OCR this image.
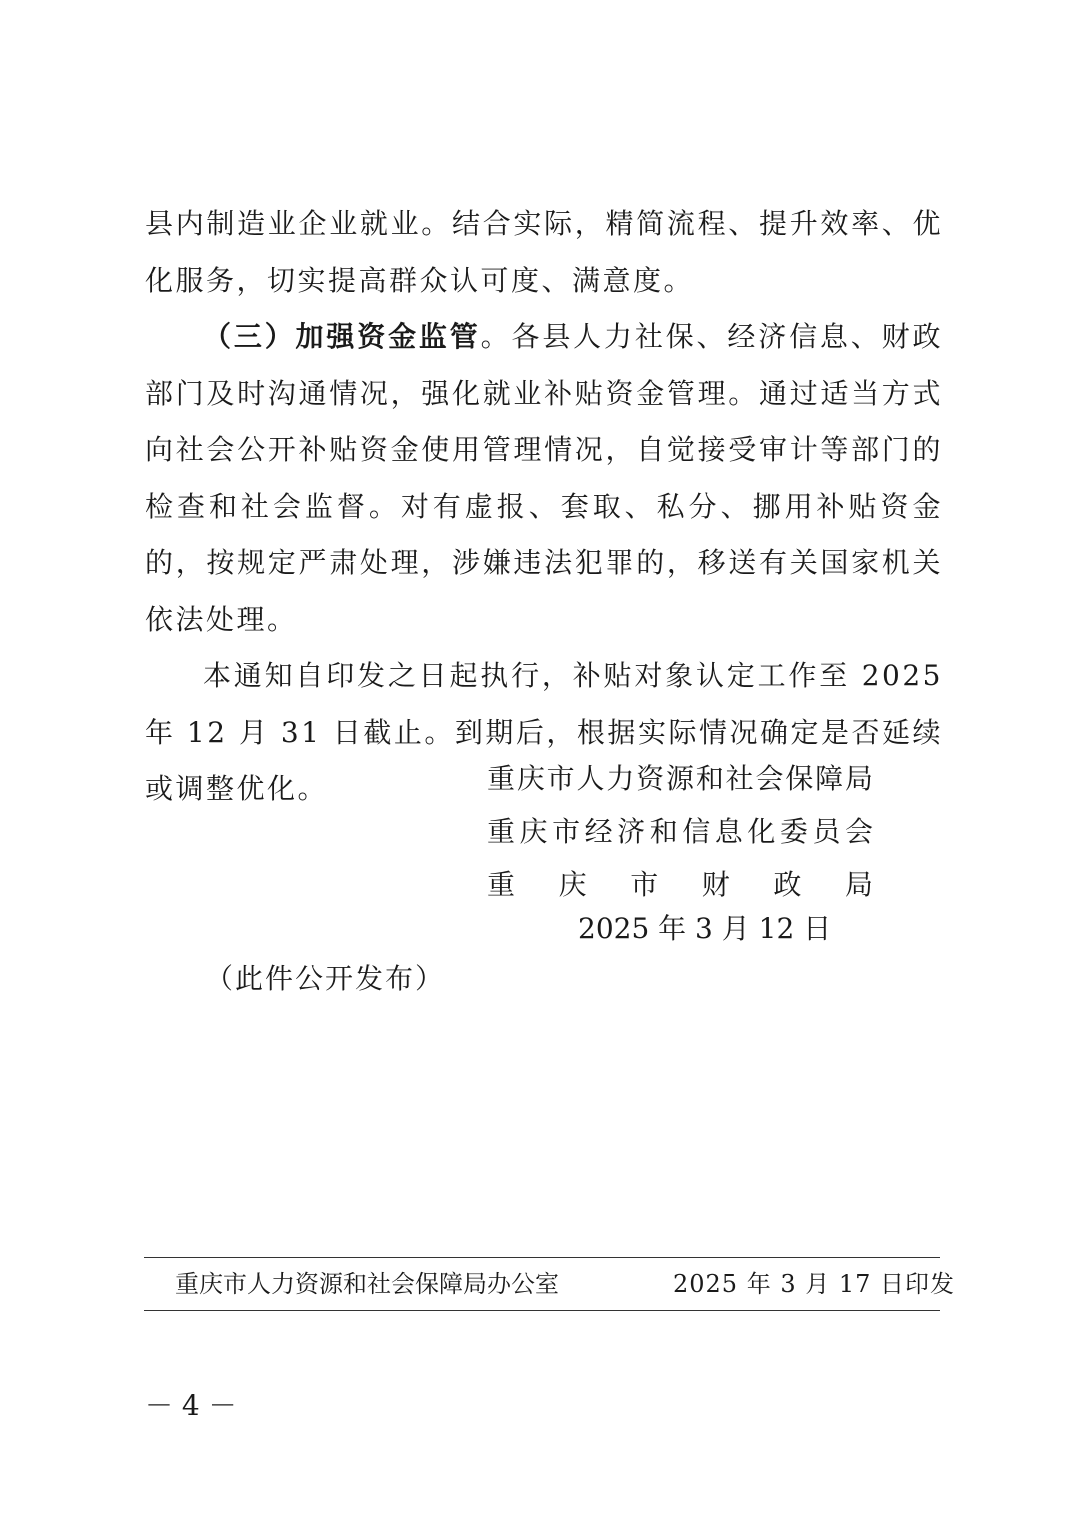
县内制造业企业就业。结合实际，精简流程、提升效率、优化服务，切实提高群众认可度、满意度。

（三）加强资金监管。各县人力社保、经济信息、财政部门及时沟通情况，强化就业补贴资金管理。通过适当方式向社会公开补贴资金使用管理情况，自觉接受审计等部门的检查和社会监督。对有虚报、套取、私分、挪用补贴资金的，按规定严肃处理，涉嫌违法犯罪的，移送有关国家机关依法处理。

本通知自印发之日起执行，补贴对象认定工作至 2025 年 12 月 31 日截止。到期后，根据实际情况确定是否延续或调整优化。	重庆市人力资源和社会保障局
重庆市经济和信息化委员会
重 庆 市 财 政 局
2025 年 3 月 12 日
（此件公开发布）
重庆市人力资源和社会保障局办公室	2025 年 3 月 17 日印发
－ 4 －
